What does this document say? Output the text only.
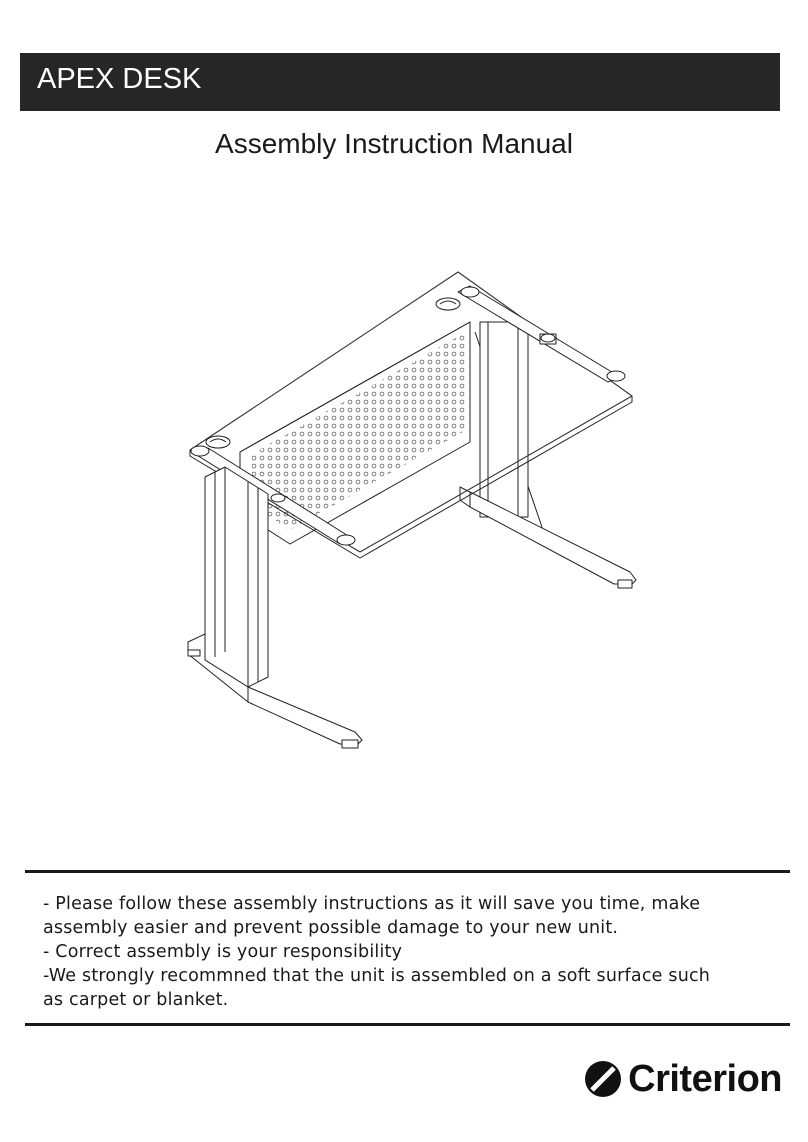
APEX DESK
Assembly Instruction Manual
- Please follow these assembly instructions as it will save you time, make
assembly easier and prevent possible damage to your new unit.
- Correct assembly is your responsibility
-We strongly recommned that the unit is assembled on a soft surface such
as carpet or blanket.
Criterion
